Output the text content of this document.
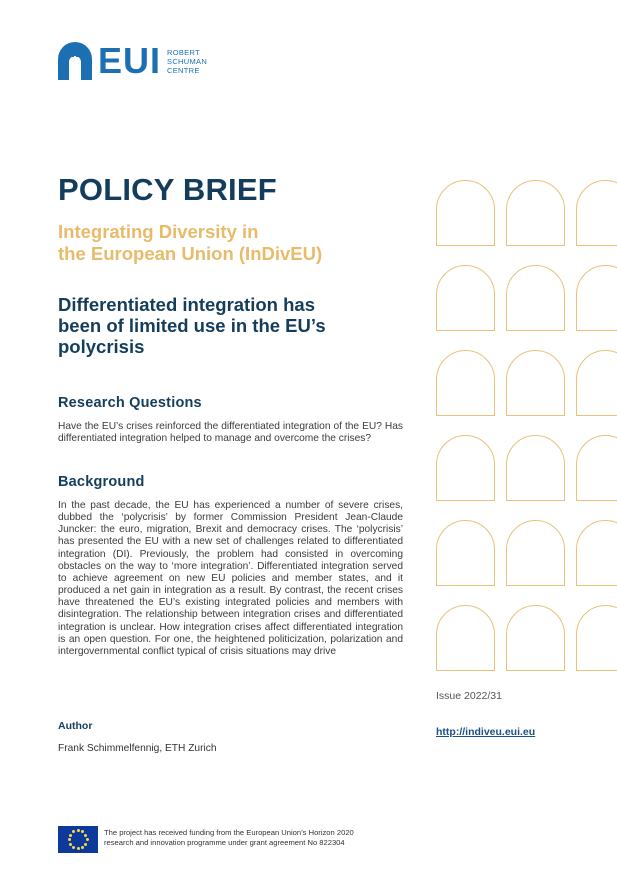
EUI ROBERT
SCHUMAN
CENTRE
POLICY BRIEF
Integrating Diversity in
the European Union (InDivEU)
Differentiated integration has
been of limited use in the EU’s
polycrisis
Research Questions
Have the EU’s crises reinforced the differentiated integration of the EU? Has differentiated integration helped to manage and overcome the crises?
Background
In the past decade, the EU has experienced a number of severe crises, dubbed the ‘polycrisis’ by former Commission President Jean-Claude Juncker: the euro, migration, Brexit and democracy crises. The ‘polycrisis’ has presented the EU with a new set of challenges related to differentiated integration (DI). Previously, the problem had consisted in overcoming obstacles on the way to ‘more integration’. Differentiated integration served to achieve agreement on new EU policies and member states, and it produced a net gain in integration as a result. By contrast, the recent crises have threatened the EU’s existing integrated policies and members with disintegration. The relationship between integration crises and differentiated integration is unclear. How integration crises affect differentiated integration is an open question. For one, the heightened politicization, polarization and intergovernmental conflict typical of crisis situations may drive
Author
Frank Schimmelfennig, ETH Zurich
Issue 2022/31
http://indiveu.eui.eu
The project has received funding from the European Union’s Horizon 2020
research and innovation programme under grant agreement No 822304
